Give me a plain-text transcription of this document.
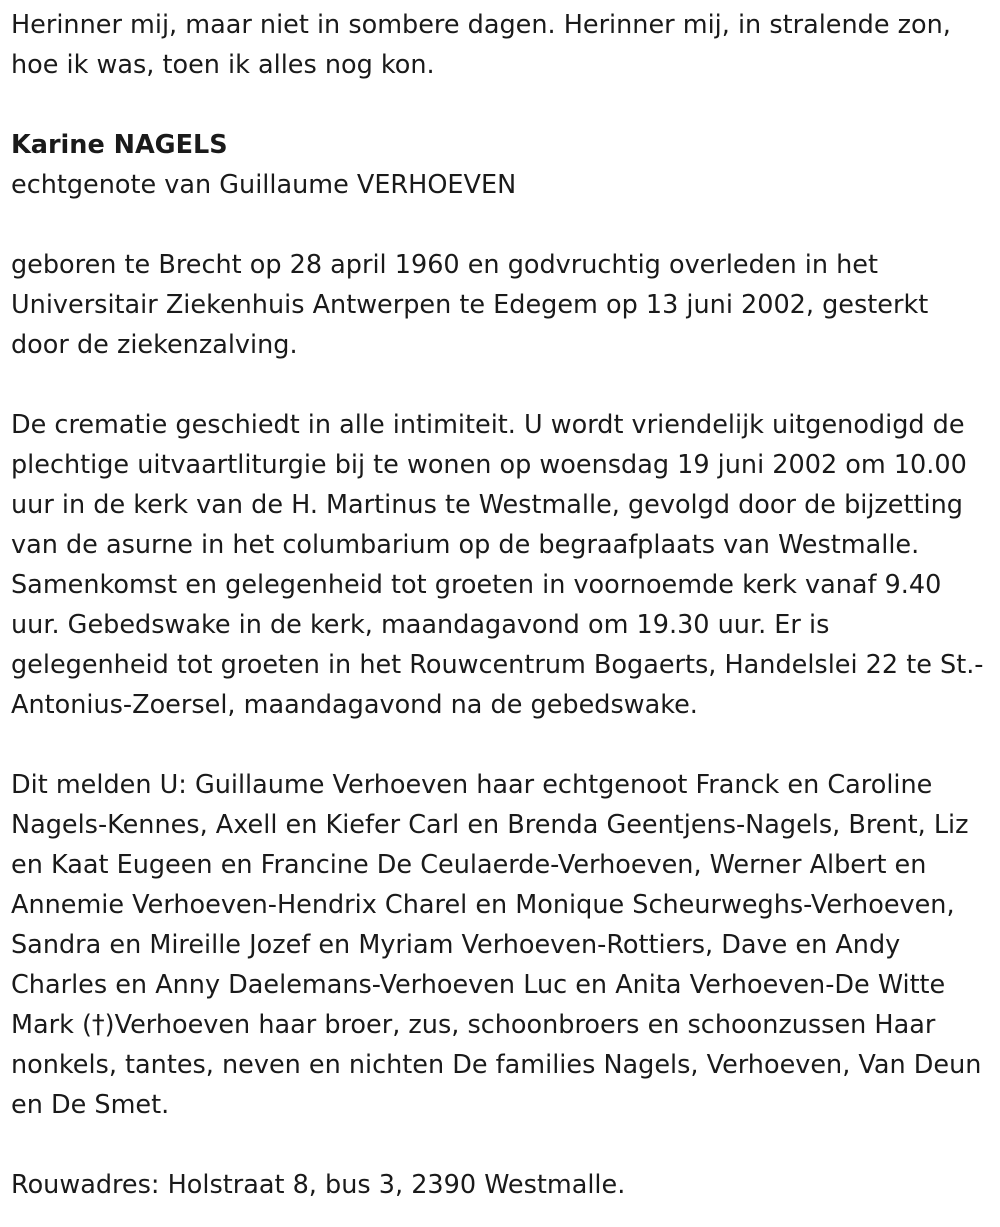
Herinner mij, maar niet in sombere dagen. Herinner mij, in stralende zon, hoe ik was, toen ik alles nog kon.

Karine NAGELS

echtgenote van Guillaume VERHOEVEN

geboren te Brecht op 28 april 1960 en godvruchtig overleden in het Universitair Ziekenhuis Antwerpen te Edegem op 13 juni 2002, gesterkt door de ziekenzalving.

De crematie geschiedt in alle intimiteit. U wordt vriendelijk uitgenodigd de plechtige uitvaartliturgie bij te wonen op woensdag 19 juni 2002 om 10.00 uur in de kerk van de H. Martinus te Westmalle, gevolgd door de bijzetting van de asurne in het columbarium op de begraafplaats van Westmalle. Samenkomst en gelegenheid tot groeten in voornoemde kerk vanaf 9.40 uur. Gebedswake in de kerk, maandagavond om 19.30 uur. Er is gelegenheid tot groeten in het Rouwcentrum Bogaerts, Handelslei 22 te St.-Antonius-Zoersel, maandagavond na de gebedswake.

Dit melden U: Guillaume Verhoeven haar echtgenoot Franck en Caroline Nagels-Kennes, Axell en Kiefer Carl en Brenda Geentjens-Nagels, Brent, Liz en Kaat Eugeen en Francine De Ceulaerde-Verhoeven, Werner Albert en Annemie Verhoeven-Hendrix Charel en Monique Scheurweghs-Verhoeven, Sandra en Mireille Jozef en Myriam Verhoeven-Rottiers, Dave en Andy Charles en Anny Daelemans-Verhoeven Luc en Anita Verhoeven-De Witte Mark (†)Verhoeven haar broer, zus, schoonbroers en schoonzussen Haar nonkels, tantes, neven en nichten De families Nagels, Verhoeven, Van Deun en De Smet.

Rouwadres: Holstraat 8, bus 3, 2390 Westmalle.
